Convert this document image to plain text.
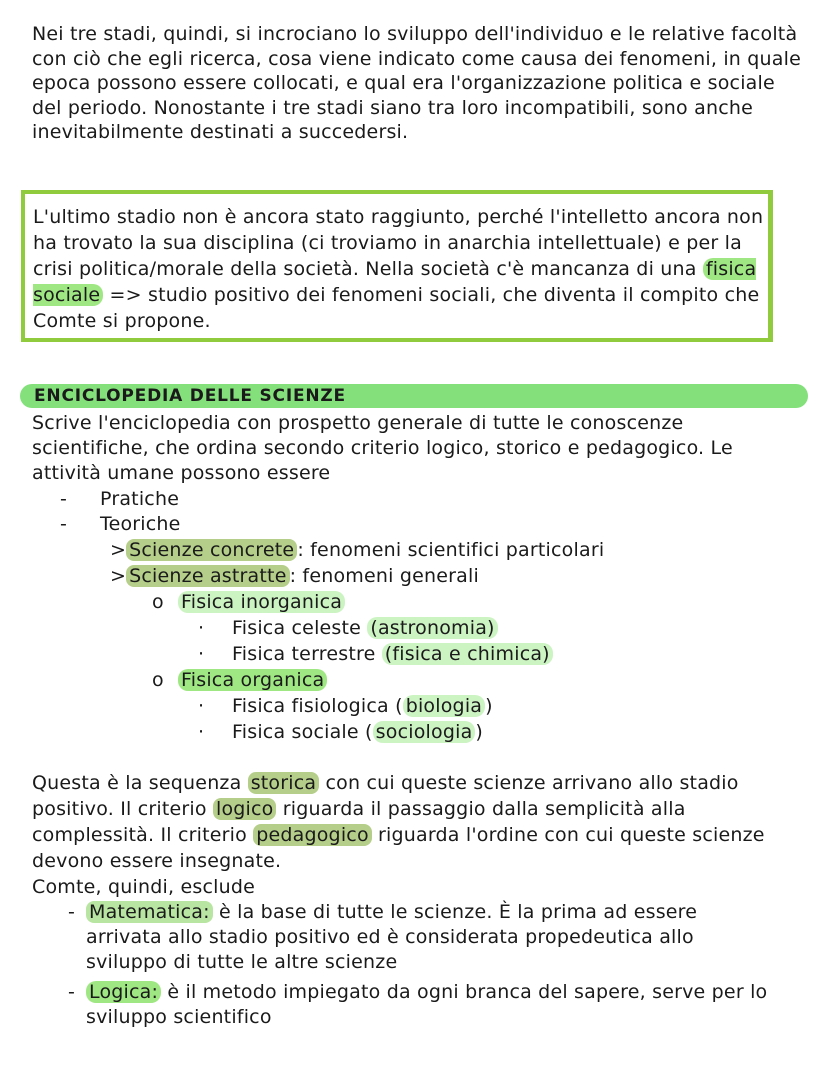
Nei tre stadi, quindi, si incrociano lo sviluppo dell'individuo e le relative facoltà con ciò che egli ricerca, cosa viene indicato come causa dei fenomeni, in quale epoca possono essere collocati, e qual era l'organizzazione politica e sociale del periodo. Nonostante i tre stadi siano tra loro incompatibili, sono anche inevitabilmente destinati a succedersi.
L'ultimo stadio non è ancora stato raggiunto, perché l'intelletto ancora non ha trovato la sua disciplina (ci troviamo in anarchia intellettuale) e per la crisi politica/morale della società. Nella società c'è mancanza di una fisica sociale => studio positivo dei fenomeni sociali, che diventa il compito che Comte si propone.
ENCICLOPEDIA DELLE SCIENZE
Scrive l'enciclopedia con prospetto generale di tutte le conoscenze scientifiche, che ordina secondo criterio logico, storico e pedagogico. Le attività umane possono essere
- Pratiche
- Teoriche
> Scienze concrete : fenomeni scientifici particolari
> Scienze astratte : fenomeni generali
o Fisica inorganica
· Fisica celeste (astronomia)
· Fisica terrestre (fisica e chimica)
o Fisica organica
· Fisica fisiologica ( biologia )
· Fisica sociale ( sociologia )
Questa è la sequenza storica con cui queste scienze arrivano allo stadio positivo. Il criterio logico riguarda il passaggio dalla semplicità alla complessità. Il criterio pedagogico riguarda l'ordine con cui queste scienze devono essere insegnate.
Comte, quindi, esclude
- Matematica: è la base di tutte le scienze. È la prima ad essere arrivata allo stadio positivo ed è considerata propedeutica allo sviluppo di tutte le altre scienze
- Logica: è il metodo impiegato da ogni branca del sapere, serve per lo sviluppo scientifico
